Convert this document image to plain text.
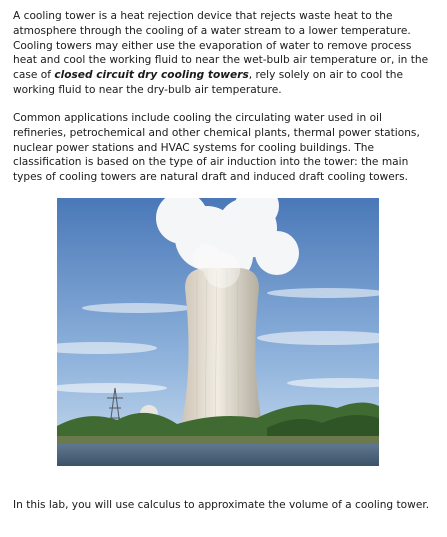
A cooling tower is a heat rejection device that rejects waste heat to the atmosphere through the cooling of a water stream to a lower temperature. Cooling towers may either use the evaporation of water to remove process heat and cool the working fluid to near the wet-bulb air temperature or, in the case of closed circuit dry cooling towers, rely solely on air to cool the working fluid to near the dry-bulb air temperature.

Common applications include cooling the circulating water used in oil refineries, petrochemical and other chemical plants, thermal power stations, nuclear power stations and HVAC systems for cooling buildings. The classification is based on the type of air induction into the tower: the main types of cooling towers are natural draft and induced draft cooling towers.

In this lab, you will use calculus to approximate the volume of a cooling tower.
